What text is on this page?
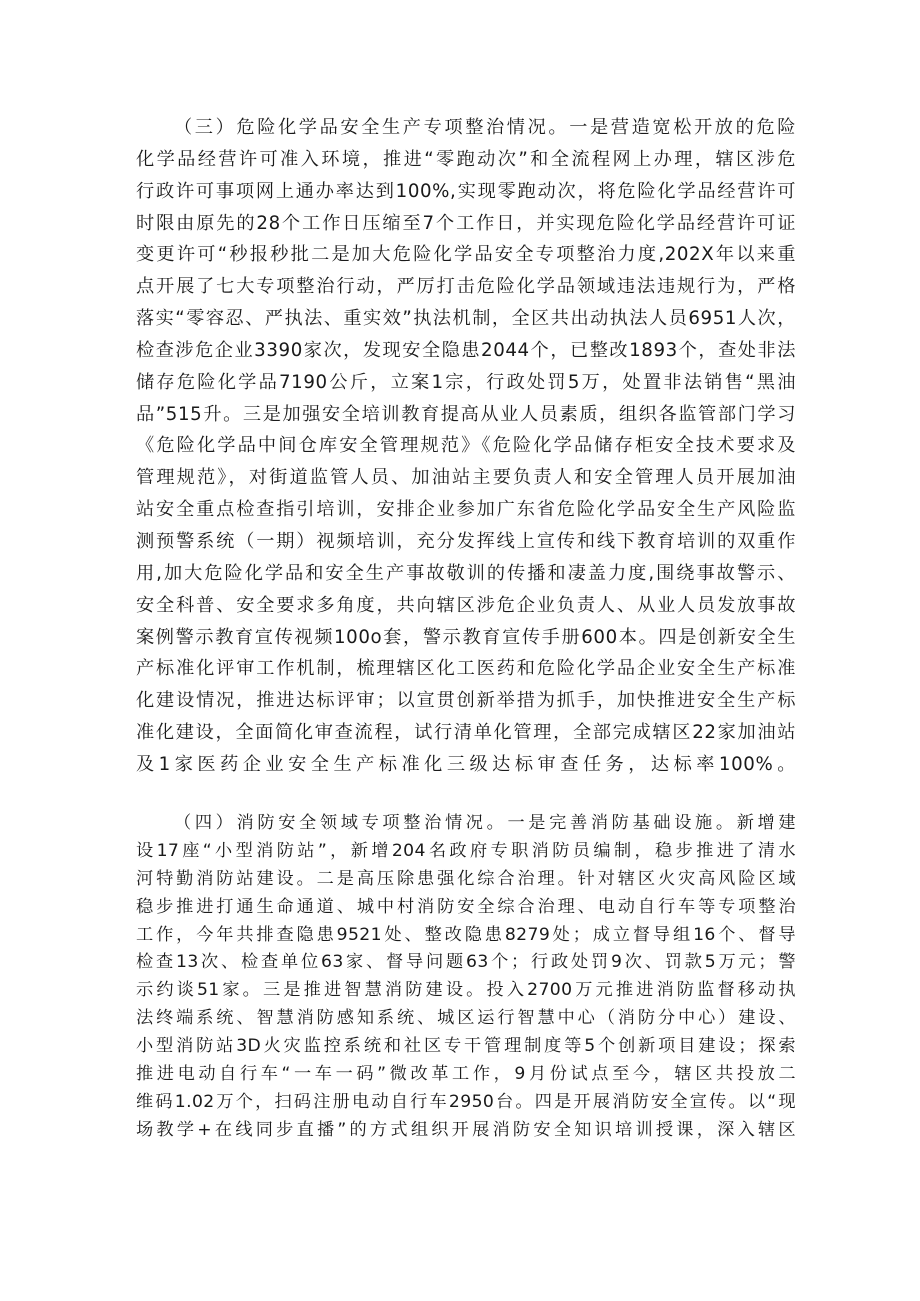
（三）危险化学品安全生产专项整治情况。一是营造宽松开放的危险
化学品经营许可准入环境，推进“零跑动次”和全流程网上办理，辖区涉危
行政许可事项网上通办率达到100%,实现零跑动次，将危险化学品经营许可
时限由原先的28个工作日压缩至7个工作日，并实现危险化学品经营许可证
变更许可“秒报秒批二是加大危险化学品安全专项整治力度,202X年以来重
点开展了七大专项整治行动，严厉打击危险化学品领域违法违规行为，严格
落实“零容忍、严执法、重实效”执法机制，全区共出动执法人员6951人次，
检查涉危企业3390家次，发现安全隐患2044个，已整改1893个，查处非法
储存危险化学品7190公斤，立案1宗，行政处罚5万，处置非法销售“黑油
品”515升。三是加强安全培训教育提高从业人员素质，组织各监管部门学习
《危险化学品中间仓库安全管理规范》《危险化学品储存柜安全技术要求及
管理规范》，对街道监管人员、加油站主要负责人和安全管理人员开展加油
站安全重点检查指引培训，安排企业参加广东省危险化学品安全生产风险监
测预警系统（一期）视频培训，充分发挥线上宣传和线下教育培训的双重作
用,加大危险化学品和安全生产事故敬训的传播和凄盖力度,围绕事故警示、
安全科普、安全要求多角度，共向辖区涉危企业负责人、从业人员发放事故
案例警示教育宣传视频100o套，警示教育宣传手册600本。四是创新安全生
产标准化评审工作机制，梳理辖区化工医药和危险化学品企业安全生产标准
化建设情况，推进达标评审；以宣贯创新举措为抓手，加快推进安全生产标
准化建设，全面简化审查流程，试行清单化管理，全部完成辖区22家加油站
及1家医药企业安全生产标准化三级达标审查任务，达标率100%。
（四）消防安全领域专项整治情况。一是完善消防基础设施。新增建
设17座“小型消防站”，新增204名政府专职消防员编制，稳步推进了清水
河特勤消防站建设。二是高压除患强化综合治理。针对辖区火灾高风险区域
稳步推进打通生命通道、城中村消防安全综合治理、电动自行车等专项整治
工作，今年共排查隐患9521处、整改隐患8279处；成立督导组16个、督导
检查13次、检查单位63家、督导问题63个；行政处罚9次、罚款5万元；警
示约谈51家。三是推进智慧消防建设。投入2700万元推进消防监督移动执
法终端系统、智慧消防感知系统、城区运行智慧中心（消防分中心）建设、
小型消防站3D火灾监控系统和社区专干管理制度等5个创新项目建设；探索
推进电动自行车“一车一码”微改革工作，9月份试点至今，辖区共投放二
维码1.02万个，扫码注册电动自行车2950台。四是开展消防安全宣传。以“现
场教学+在线同步直播”的方式组织开展消防安全知识培训授课，深入辖区
